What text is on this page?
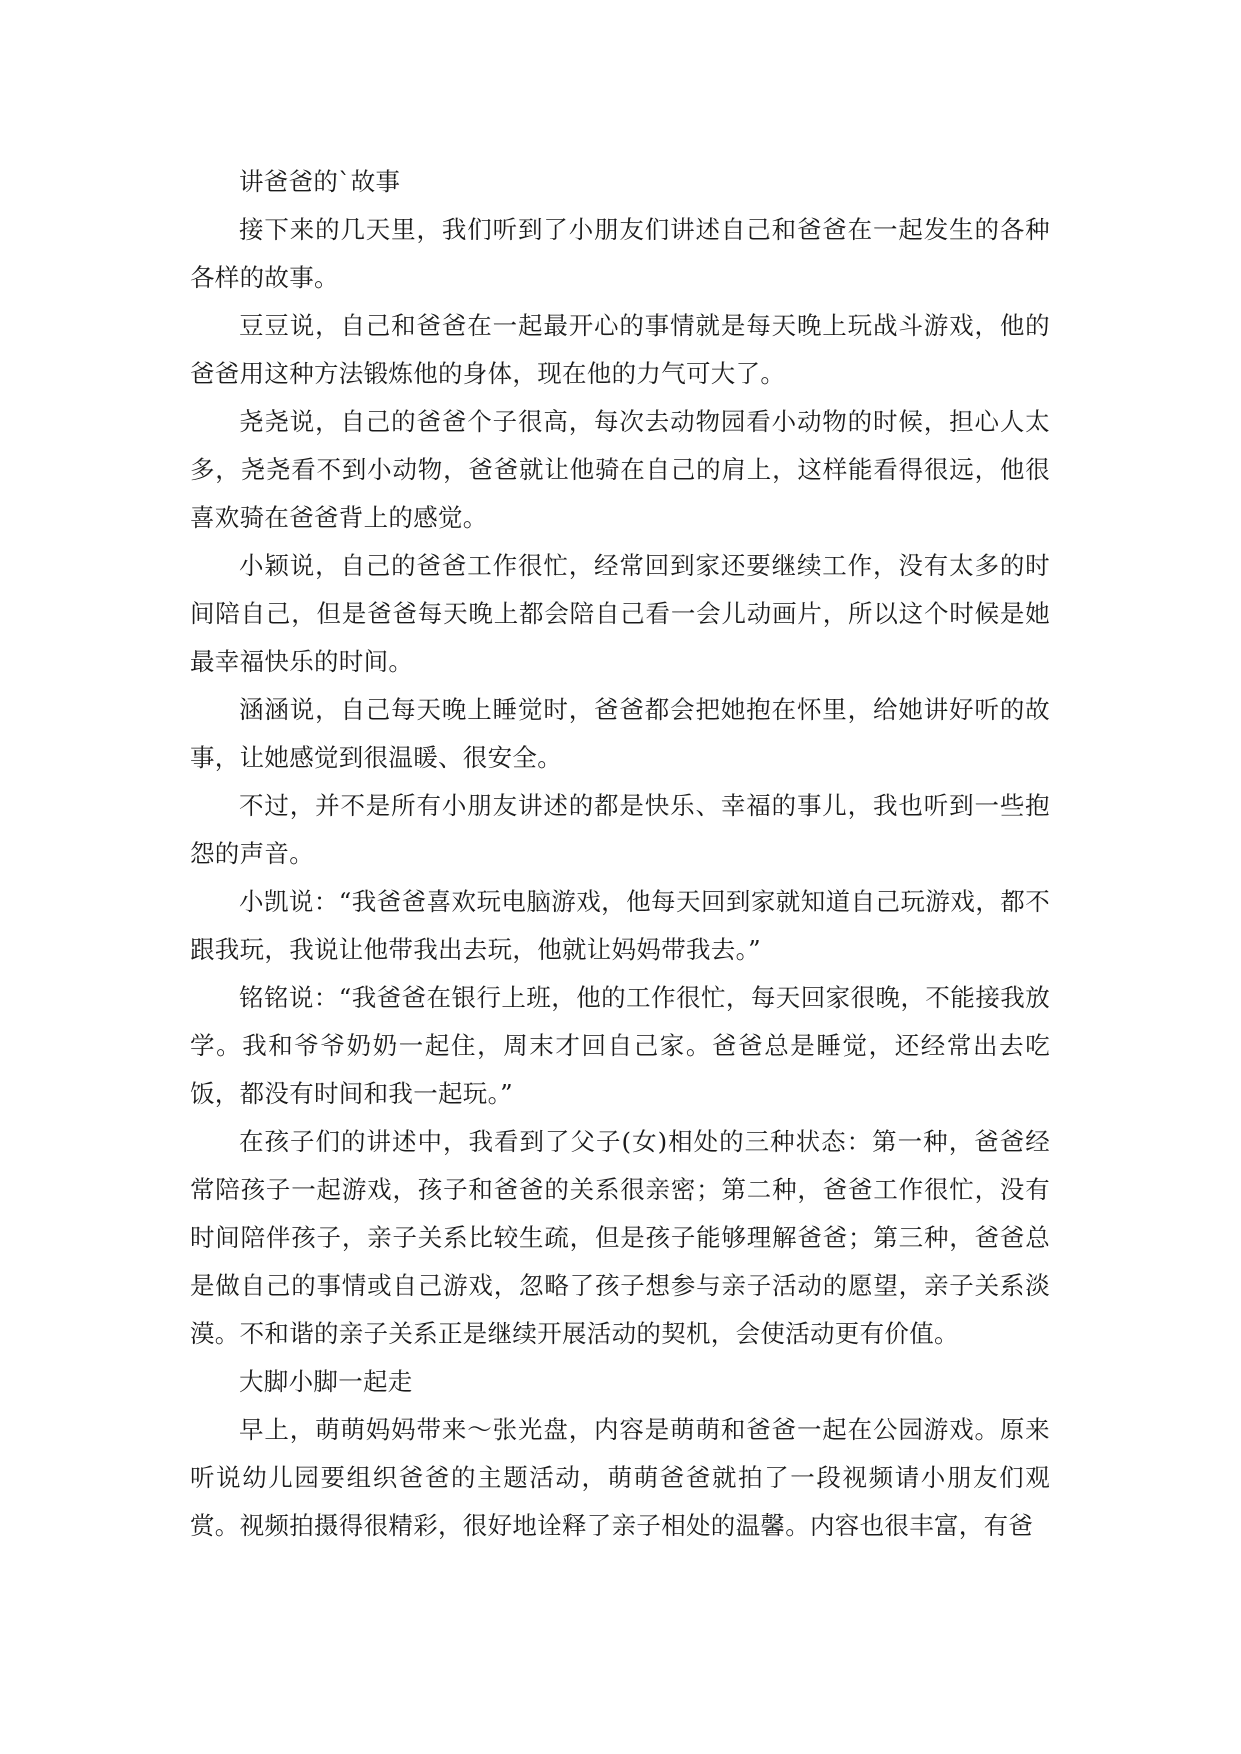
讲爸爸的`故事

接下来的几天里，我们听到了小朋友们讲述自己和爸爸在一起发生的各种各样的故事。

豆豆说，自己和爸爸在一起最开心的事情就是每天晚上玩战斗游戏，他的爸爸用这种方法锻炼他的身体，现在他的力气可大了。

尧尧说，自己的爸爸个子很高，每次去动物园看小动物的时候，担心人太多，尧尧看不到小动物，爸爸就让他骑在自己的肩上，这样能看得很远，他很喜欢骑在爸爸背上的感觉。

小颖说，自己的爸爸工作很忙，经常回到家还要继续工作，没有太多的时间陪自己，但是爸爸每天晚上都会陪自己看一会儿动画片，所以这个时候是她最幸福快乐的时间。

涵涵说，自己每天晚上睡觉时，爸爸都会把她抱在怀里，给她讲好听的故事，让她感觉到很温暖、很安全。

不过，并不是所有小朋友讲述的都是快乐、幸福的事儿，我也听到一些抱怨的声音。

小凯说：“我爸爸喜欢玩电脑游戏，他每天回到家就知道自己玩游戏，都不跟我玩，我说让他带我出去玩，他就让妈妈带我去。”

铭铭说：“我爸爸在银行上班，他的工作很忙，每天回家很晚，不能接我放学。我和爷爷奶奶一起住，周末才回自己家。爸爸总是睡觉，还经常出去吃饭，都没有时间和我一起玩。”

在孩子们的讲述中，我看到了父子(女)相处的三种状态：第一种，爸爸经常陪孩子一起游戏，孩子和爸爸的关系很亲密；第二种，爸爸工作很忙，没有时间陪伴孩子，亲子关系比较生疏，但是孩子能够理解爸爸；第三种，爸爸总是做自己的事情或自己游戏，忽略了孩子想参与亲子活动的愿望，亲子关系淡漠。不和谐的亲子关系正是继续开展活动的契机，会使活动更有价值。

大脚小脚一起走

早上，萌萌妈妈带来～张光盘，内容是萌萌和爸爸一起在公园游戏。原来听说幼儿园要组织爸爸的主题活动，萌萌爸爸就拍了一段视频请小朋友们观赏。视频拍摄得很精彩，很好地诠释了亲子相处的温馨。内容也很丰富，有爸
